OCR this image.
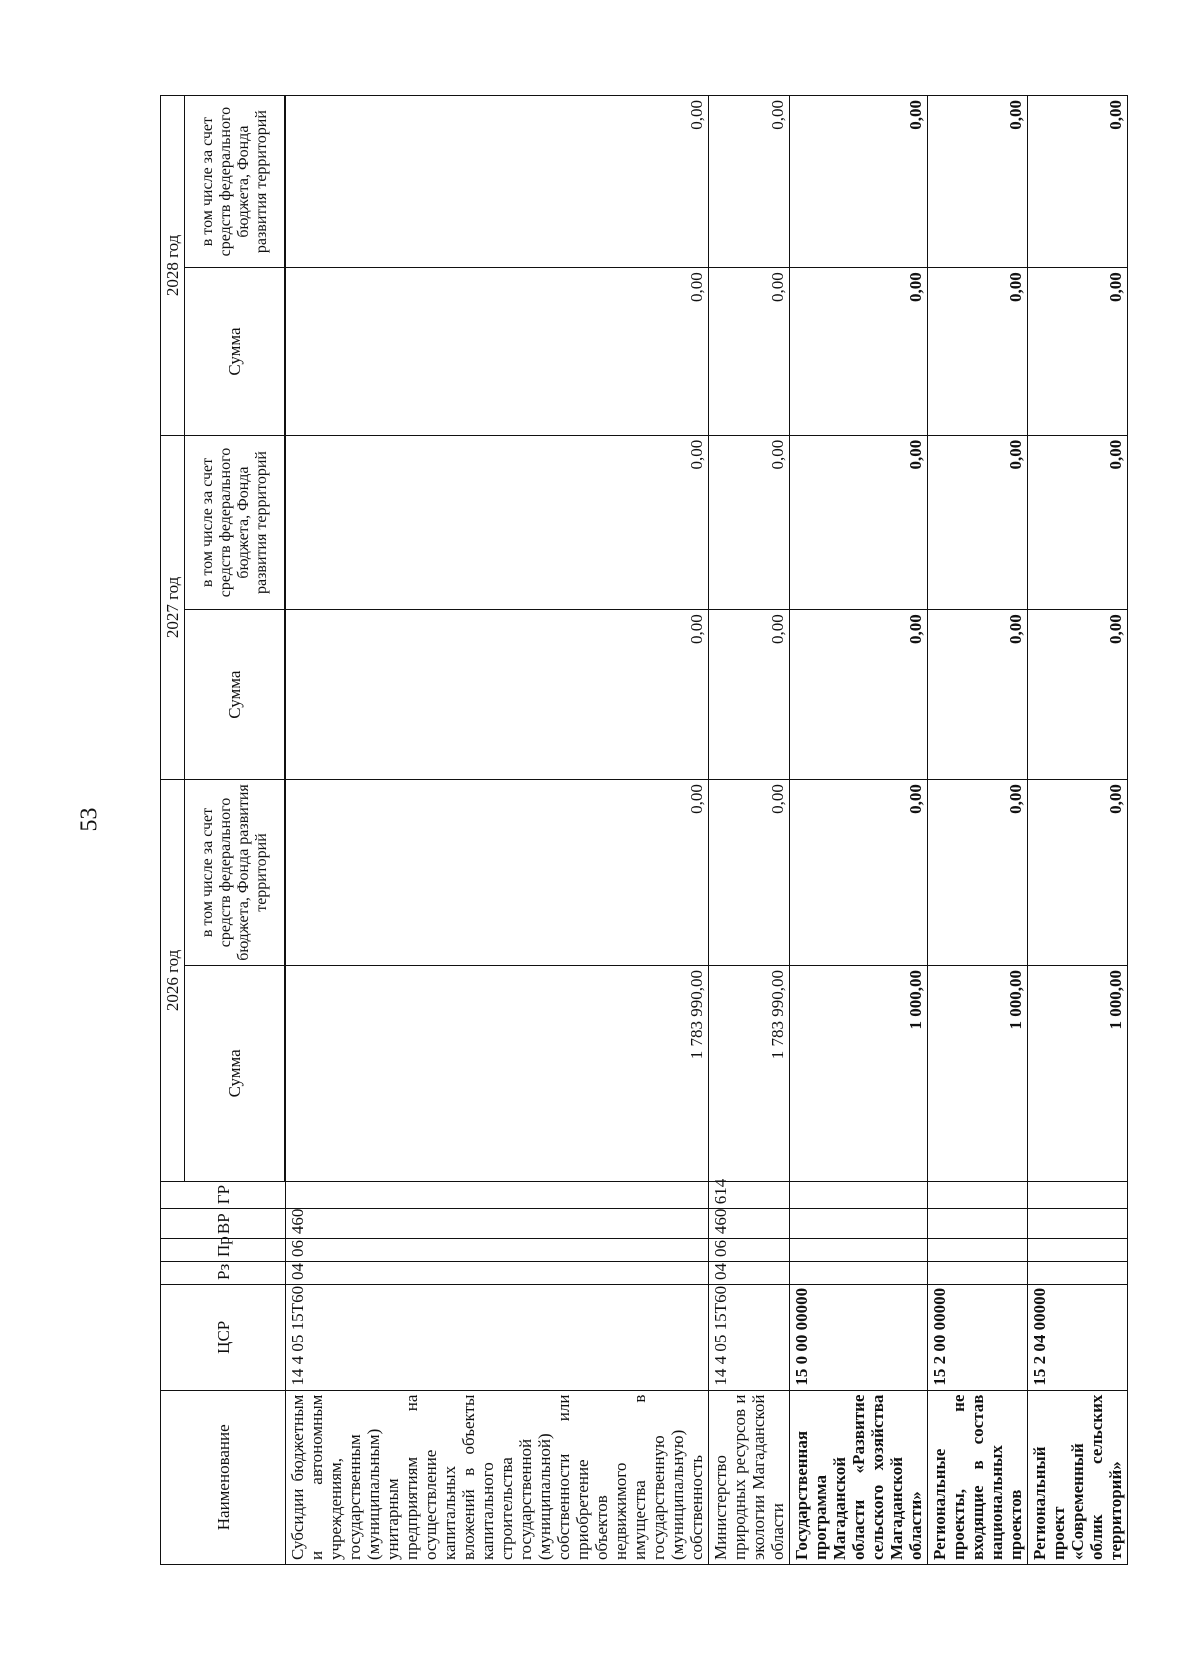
53
Наименование	ЦСР	Рз	Пр	ВР	ГР	2026 год		2027 год		2028 год	
						Сумма	в том числе за счет средств федерального бюджета, Фонда развития территорий	Сумма	в том числе за счет средств федерального бюджета, Фонда развития территорий	Сумма	в том числе за счет средств федерального бюджета, Фонда развития территорий

Субсидии бюджетным и автономным учреждениям, государственным (муниципальным) унитарным предприятиям на осуществление капитальных вложений в объекты капитального строительства государственной (муниципальной) собственности или приобретение объектов недвижимого имущества в государственную (муниципальную) собственность	14 4 05 15Т60	04	06	460		1 783 990,00	0,00	0,00	0,00	0,00	0,00
Министерство природных ресурсов и экологии Магаданской области	14 4 05 15Т60	04	06	460	614	1 783 990,00	0,00	0,00	0,00	0,00	0,00
Государственная программа Магаданской области «Развитие сельского хозяйства Магаданской области»	15 0 00 00000					1 000,00	0,00	0,00	0,00	0,00	0,00
Региональные проекты, не входящие в состав национальных проектов	15 2 00 00000					1 000,00	0,00	0,00	0,00	0,00	0,00
Региональный проект «Современный облик сельских территорий»	15 2 04 00000					1 000,00	0,00	0,00	0,00	0,00	0,00
